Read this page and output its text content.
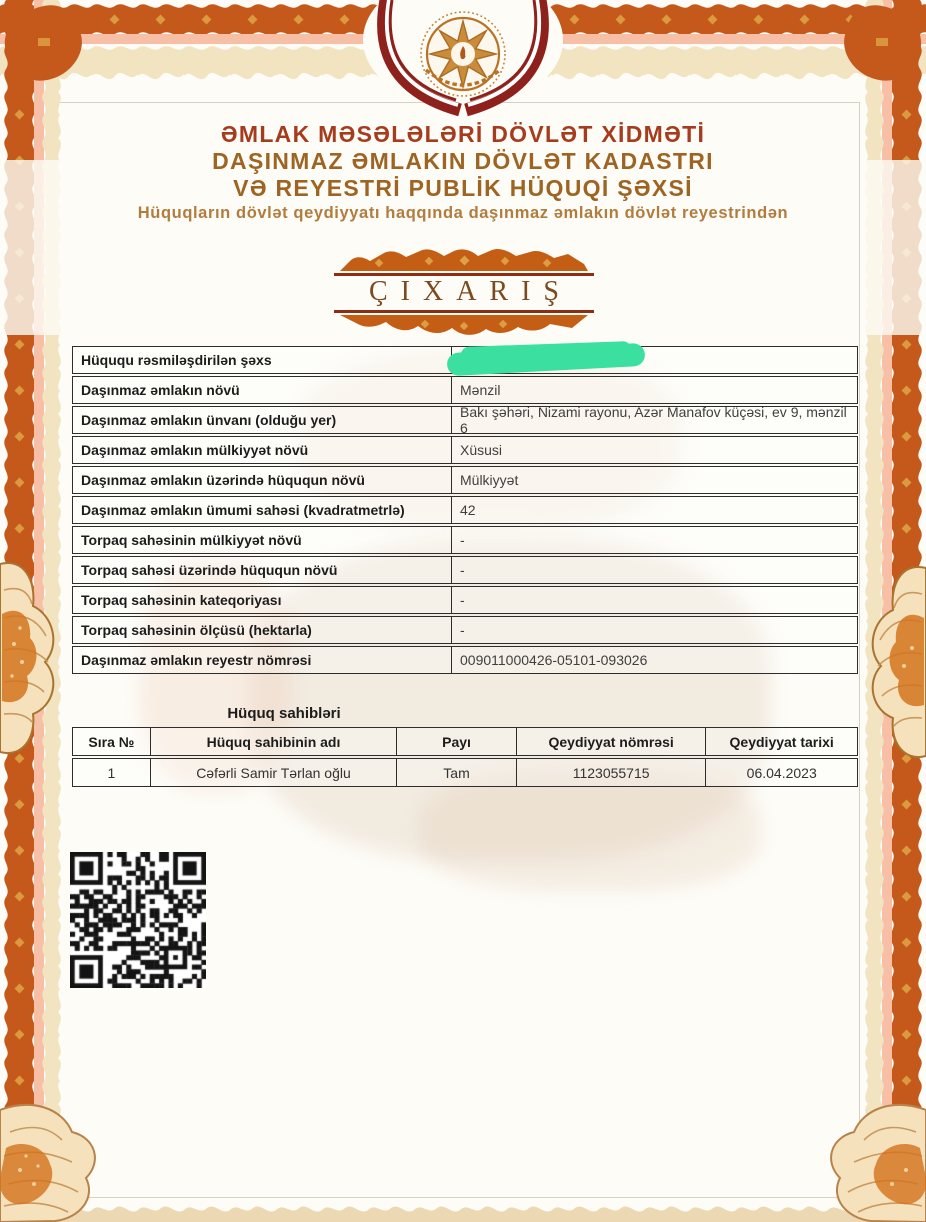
ƏMLAK MƏSƏLƏLƏRİ DÖVLƏT XİDMƏTİ
DAŞINMAZ ƏMLAKIN DÖVLƏT KADASTRI
VƏ REYESTRİ PUBLİK HÜQUQİ ŞƏXSİ
Hüquqların dövlət qeydiyyatı haqqında daşınmaz əmlakın dövlət reyestrindən
ÇIXARIŞ
Hüququ rəsmiləşdirilən şəxs
Daşınmaz əmlakın növü	Mənzil
Daşınmaz əmlakın ünvanı (olduğu yer)	Bakı şəhəri, Nizami rayonu, Azər Manafov küçəsi, ev 9, mənzil 6
Daşınmaz əmlakın mülkiyyət növü	Xüsusi
Daşınmaz əmlakın üzərində hüququn növü	Mülkiyyət
Daşınmaz əmlakın ümumi sahəsi (kvadratmetrlə)	42
Torpaq sahəsinin mülkiyyət növü	-
Torpaq sahəsi üzərində hüququn növü	-
Torpaq sahəsinin kateqoriyası	-
Torpaq sahəsinin ölçüsü (hektarla)	-
Daşınmaz əmlakın reyestr nömrəsi	009011000426-05101-093026
Hüquq sahibləri
Sıra №	Hüquq sahibinin adı	Payı	Qeydiyyat nömrəsi	Qeydiyyat tarixi
1	Cəfərli Samir Tərlan oğlu	Tam	1123055715	06.04.2023
